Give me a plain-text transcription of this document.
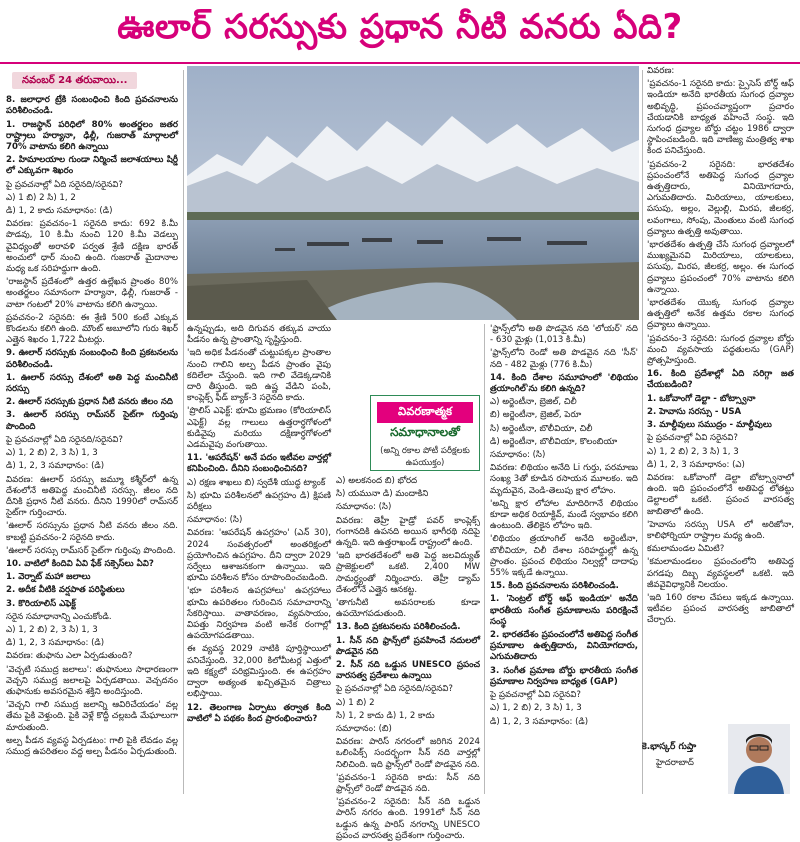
ఊలార్ సరస్సుకు ప్రధాన నీటి వనరు ఏది?
నవంబర్ 24 తరువాయి...

8. జలాధార ట్రేకి సంబంధించి కింది ప్రవచనాలను పరిశీలించండి.

1. రాజస్థాన్ పరిధిలో 80% అంతర్జలం జతర రాష్ట్రాలు హర్యానా, ఢిల్లీ, గుజరాత్ మార్గాలలో 70% వాటాను కలిగి ఉన్నాయి

2. హిమాలయాల గుండా నిర్మించే జలాశయాలు షిర్డీ లో ఎక్కువగా శిఖరం

పై ప్రవచనాల్లో ఏది సరైనది/సరైనవి?

ఎ) 1 బి) 2 సి) 1, 2

డి) 1, 2 కాదు సమాధానం: (డి)

వివరణ: ప్రవచనం-1 సరైనది కాదు: 692 కి.మీ పొడవు, 10 కి.మీ నుంచి 120 కి.మీ వెడల్పు వైవిధ్యంతో అరావళి పర్వత శ్రేణి దక్షిణ భారత్ అంచులో ధార్ నుంచి ఉంది. గుజరాత్ మైదానాల మధ్య ఒక సరిహద్దుగా ఉంది.

'రాజస్థాన్ ప్రదేశంలో' ఉత్తర ఉల్లేఖన ప్రాంతం 80% అంతర్జలం సమానంగా హర్యానా, ఢిల్లీ, గుజరాత్ - వాటా గంటలో 20% వాటాను కలిగి ఉన్నాయి.

ప్రవచనం-2 సరైనది: ఈ శ్రేణి 500 కంటే ఎక్కువ కొండలను కలిగి ఉంది. మౌంట్ అబూలోని గురు శిఖర్ ఎత్తైన శిఖరం 1,722 మీటర్లు.

9. ఊలార్ సరస్సుకు సంబంధించి కింది ప్రకటనలను పరిశీలించండి.

1. ఊలార్ సరస్సు దేశంలో అతి పెద్ద మంచినీటి సరస్సు

2. ఊలార్ సరస్సుకు ప్రధాన నీటి వనరు జీలం నది

3. ఊలార్ సరస్సు రామ్‌సర్ సైట్‌గా గుర్తింపు పొందింది

పై ప్రవచనాల్లో ఏది సరైనది/సరైనవి?

ఎ) 1, 2 బి) 2, 3 సి) 1, 3

డి) 1, 2, 3 సమాధానం: (డి)

వివరణ: ఊలార్ సరస్సు జమ్మూ కశ్మీర్‌లో ఉన్న దేశంలోనే అతిపెద్ద మంచినీటి సరస్సు. జీలం నది దీనికి ప్రధాన నీటి వనరు. దీనిని 1990లో రామ్‌సర్ సైట్‌గా గుర్తించారు.

'ఊలార్ సరస్సును ప్రధాన నీటి వనరు జీలం నది. కాబట్టి ప్రవచనం-2 సరైనది కాదు.

'ఊలార్ సరస్సు రామ్‌సర్ సైట్‌గా గుర్తింపు పొందింది.

10. వాటిలో కిందివి ఏవి ఫేక్ సక్సెస్‌లు ఏవి?

1. వెర్నాట్ మహా జలాలు

2. అదీక వీటికి వర్షపాత పరిస్థితులు

3. కొరియాలిస్ ఎఫెక్ట్

సరైన సమాధానాన్ని ఎంచుకోండి.

ఎ) 1, 2 బి) 2, 3 సి) 1, 3

డి) 1, 2, 3 సమాధానం: (డి)

వివరణ: తుఫాను ఎలా ఏర్పడుతుంది?

'వెచ్చటి సముద్ర జలాలు': తుఫానులు సాధారణంగా వెచ్చని సముద్ర జలాలపై ఏర్పడతాయి. వెచ్చదనం తుఫానుకు అవసరమైన శక్తిని అందిస్తుంది.

'వెచ్చని గాలి సముద్ర జలాన్ని ఆవిరిచేయడం' వల్ల తేమ పైకి వెళ్తుంది. పైకి వెళ్లే కొద్దీ చల్లబడి మేఘాలుగా మారుతుంది.

అల్ప పీడన వ్యవస్థ ఏర్పడటం: గాలి పైకి లేవడం వల్ల సముద్ర ఉపరితలం వద్ద అల్ప పీడనం ఏర్పడుతుంది.

ఉన్నప్పుడు, అది దిగువన తక్కువ వాయు పీడనం ఉన్న ప్రాంతాన్ని సృష్టిస్తుంది.

'ఇది అధిక పీడనంతో చుట్టుపక్కల ప్రాంతాల నుంచి గాలిని అల్ప పీడన ప్రాంతం వైపు కదిలేలా చేస్తుంది. ఇది గాలి వేడెక్కడానికి దారి తీస్తుంది. ఇది ఉష్ణ వేడిని పంపి, కాంప్లెక్స్ ఫీడ్ బ్యాక్-3 సరైనది కాదు.

'ప్రొలిస్ ఎఫెక్ట్: భూమి భ్రమణం (కోరియాలిస్ ఎఫెక్ట్) వల్ల గాలులు ఉత్తరార్ధగోళంలో కుడివైపు మరియు దక్షిణార్ధగోళంలో ఎడమవైపు వంగుతాయి.

11. 'ఆపరేషన్' అనే పదం ఇటీవల వార్తల్లో కనిపించింది. దీనిని సంబంధించినది?

ఎ) రక్షణ శాఖలు బి) స్వదేశీ యుద్ధ ట్యాంక్

సి) భూమి పరిశీలనలో ఉపగ్రహం డి) క్షిపణి పరీక్షలు

సమాధానం: (సి)

వివరణ: 'ఆపరేషన్ ఉపగ్రహం' (ఎన్ 30), 2024 సంవత్సరంలో అంతరిక్షంలో ప్రయోగించిన ఉపగ్రహం. దీని ద్వారా 2029 సర్వేలు ఆశాజనకంగా ఉన్నాయి. ఇది భూమి పరిశీలన కోసం రూపొందించబడింది.

'భూ పరిశీలన ఉపగ్రహాలు' ఉపగ్రహాలు భూమి ఉపరితలం గురించిన సమాచారాన్ని సేకరిస్తాయి. వాతావరణం, వ్యవసాయం, విపత్తు నిర్వహణ వంటి అనేక రంగాల్లో ఉపయోగపడతాయి.

ఈ వ్యవస్థ 2029 నాటికి పూర్తిస్థాయిలో పనిచేస్తుంది. 32,000 కిలోమీటర్ల ఎత్తులో ఇది కక్ష్యలో పరిభ్రమిస్తుంది. ఈ ఉపగ్రహం ద్వారా అత్యంత ఖచ్చితమైన చిత్రాలు లభిస్తాయి.

12. తెలంగాణ ఏర్పాటు తర్వాత కింది వాటిలో ఏ పథకం కింద ప్రారంభించారు?

వివరణాత్మక
సమాధానాలతో
(అన్ని రకాల పోటీ పరీక్షలకు ఉపయుక్తం)

ఎ) అలకనంద బి) భోరద

సి) యమునా డి) మందాకిని

సమాధానం: (సి)

వివరణ: తెహ్రీ హైడ్రో పవర్ కాంప్లెక్స్ గంగానదికి ఉపనది అయిన భాగీరథి నదిపై ఉన్నది. ఇది ఉత్తరాఖండ్ రాష్ట్రంలో ఉంది.

'ఇది భారతదేశంలో అతి పెద్ద జలవిద్యుత్ ప్రాజెక్టులలో ఒకటి. 2,400 MW సామర్థ్యంతో నిర్మించారు. తెహ్రీ డ్యామ్ దేశంలోనే ఎత్తైన ఆనకట్ట.

'తాగునీటి అవసరాలకు కూడా ఉపయోగపడుతుంది.

13. కింది ప్రకటనలను పరిశీలించండి.

1. సీన్ నది ఫ్రాన్స్‌లో ప్రవహించే నదులలో పొడవైన నది

2. సీన్ నది ఒడ్డున UNESCO ప్రపంచ వారసత్వ ప్రదేశాలు ఉన్నాయి

పై ప్రవచనాల్లో ఏది సరైనది/సరైనవి?

ఎ) 1 బి) 2

సి) 1, 2 కాదు డి) 1, 2 కాదు

సమాధానం: (బి)

వివరణ: పారిస్ నగరంలో జరిగిన 2024 ఒలింపిక్స్ సందర్భంగా సీన్ నది వార్తల్లో నిలిచింది. ఇది ఫ్రాన్స్‌లో రెండో పొడవైన నది.

'ప్రవచనం-1 సరైనది కాదు: సీన్ నది ఫ్రాన్స్‌లో రెండో పొడవైన నది.

'ప్రవచనం-2 సరైనది: సీన్ నది ఒడ్డున పారిస్ నగరం ఉంది. 1991లో సీన్ నది ఒడ్డున ఉన్న పారిస్ నగరాన్ని UNESCO ప్రపంచ వారసత్వ ప్రదేశంగా గుర్తించారు.

'ఫ్రాన్స్‌లోని అతి పొడవైన నది 'లోయర్' నది - 630 మైళ్లు (1,013 కి.మీ)

'ఫ్రాన్స్‌లోని రెండో అతి పొడవైన నది 'సీన్' నది - 482 మైళ్లు (776 కి.మీ)

14. కింది దేశాల సమూహంలో 'లిథియం త్రయాంగిల్'ను కలిగి ఉన్నది?

ఎ) అర్జెంటీనా, బ్రెజిల్, చిలీ

బి) అర్జెంటీనా, బ్రెజిల్, పెరూ

సి) అర్జెంటీనా, బొలీవియా, చిలీ

డి) అర్జెంటీనా, బొలీవియా, కొలంబియా

సమాధానం: (సి)

వివరణ: లిథియం అనేది Li గుర్తు, పరమాణు సంఖ్య 3తో కూడిన రసాయన మూలకం. ఇది మృదువైన, వెండి-తెలుపు క్షార లోహం.

'అన్ని క్షార లోహాల మాదిరిగానే లిథియం కూడా అధిక రియాక్టివ్, మండే స్వభావం కలిగి ఉంటుంది. తేలికైన లోహం ఇది.

'లిథియం త్రయాంగిల్ అనేది అర్జెంటీనా, బొలీవియా, చిలీ దేశాల సరిహద్దుల్లో ఉన్న ప్రాంతం. ప్రపంచ లిథియం నిల్వల్లో దాదాపు 55% ఇక్కడే ఉన్నాయి.

15. కింది ప్రవచనాలను పరిశీలించండి.

1. 'సెంట్రల్ బోర్డ్ ఆఫ్ ఇండియా' అనేది భారతీయ సంగీత ప్రమాణాలను పరిరక్షించే సంస్థ

2. భారతదేశం ప్రపంచంలోనే అతిపెద్ద సంగీత ప్రమాణాల ఉత్పత్తిదారు, వినియోగదారు, ఎగుమతిదారు

3. సంగీత ప్రమాణ బోర్డు భారతీయ సంగీత ప్రమాణాల నిర్వహణ బాధ్యత (GAP)

పై ప్రవచనాల్లో ఏవి సరైనవి?

ఎ) 1, 2 బి) 2, 3 సి) 1, 3

డి) 1, 2, 3 సమాధానం: (డి)

వివరణ:

'ప్రవచనం-1 సరైనది కాదు: స్పైసెస్ బోర్డ్ ఆఫ్ ఇండియా అనేది భారతీయ సుగంధ ద్రవ్యాల అభివృద్ధి, ప్రపంచవ్యాప్తంగా ప్రచారం చేయడానికి బాధ్యత వహించే సంస్థ. ఇది సుగంధ ద్రవ్యాల బోర్డు చట్టం 1986 ద్వారా స్థాపించబడింది. ఇది వాణిజ్య మంత్రిత్వ శాఖ కింద పనిచేస్తుంది.

'ప్రవచనం-2 సరైనది: భారతదేశం ప్రపంచంలోనే అతిపెద్ద సుగంధ ద్రవ్యాల ఉత్పత్తిదారు, వినియోగదారు, ఎగుమతిదారు. మిరియాలు, యాలకులు, పసుపు, అల్లం, వెల్లుల్లి, మిరప, జీలకర్ర, లవంగాలు, సోంపు, మెంతులు వంటి సుగంధ ద్రవ్యాలు ఉత్పత్తి అవుతాయి.

'భారతదేశం ఉత్పత్తి చేసే సుగంధ ద్రవ్యాలలో ముఖ్యమైనవి మిరియాలు, యాలకులు, పసుపు, మిరప, జీలకర్ర, అల్లం. ఈ సుగంధ ద్రవ్యాలు ప్రపంచంలో 70% వాటాను కలిగి ఉన్నాయి.

'భారతదేశం యొక్క సుగంధ ద్రవ్యాల ఉత్పత్తిలో అనేక ఉత్తమ రకాల సుగంధ ద్రవ్యాలు ఉన్నాయి.

'ప్రవచనం-3 సరైనది: సుగంధ ద్రవ్యాల బోర్డు మంచి వ్యవసాయ పద్ధతులను (GAP) ప్రోత్సహిస్తుంది.

16. కింది ప్రదేశాల్లో ఏది సరిగ్గా జత చేయబడింది?

1. ఒకోవాంగో డెల్టా - బోట్స్వానా

2. హెవాసు సరస్సు - USA

3. మాల్దీవులు సముద్రం - మాల్దీవులు

పై ప్రవచనాల్లో ఏవి సరైనవి?

ఎ) 1, 2 బి) 2, 3 సి) 1, 3

డి) 1, 2, 3 సమాధానం: (ఎ)

వివరణ: ఒకోవాంగో డెల్టా బోట్స్వానాలో ఉంది. ఇది ప్రపంచంలోనే అతిపెద్ద లోతట్టు డెల్టాలలో ఒకటి. ప్రపంచ వారసత్వ జాబితాలో ఉంది.

'హెవాసు సరస్సు USA లో అరిజోనా, కాలిఫోర్నియా రాష్ట్రాల మధ్య ఉంది.

కమలామండల ఏమిటి?

'కమలామండలం ప్రపంచంలోని అతిపెద్ద పగడపు దిబ్బ వ్యవస్థలలో ఒకటి. ఇది జీవవైవిధ్యానికి నిలయం.

'ఇది 160 రకాల చేపలు ఇక్కడ ఉన్నాయి. ఇటీవల ప్రపంచ వారసత్వ జాబితాలో చేర్చారు.

కె.భాస్కర్ గుప్తా
హైదరాబాద్
